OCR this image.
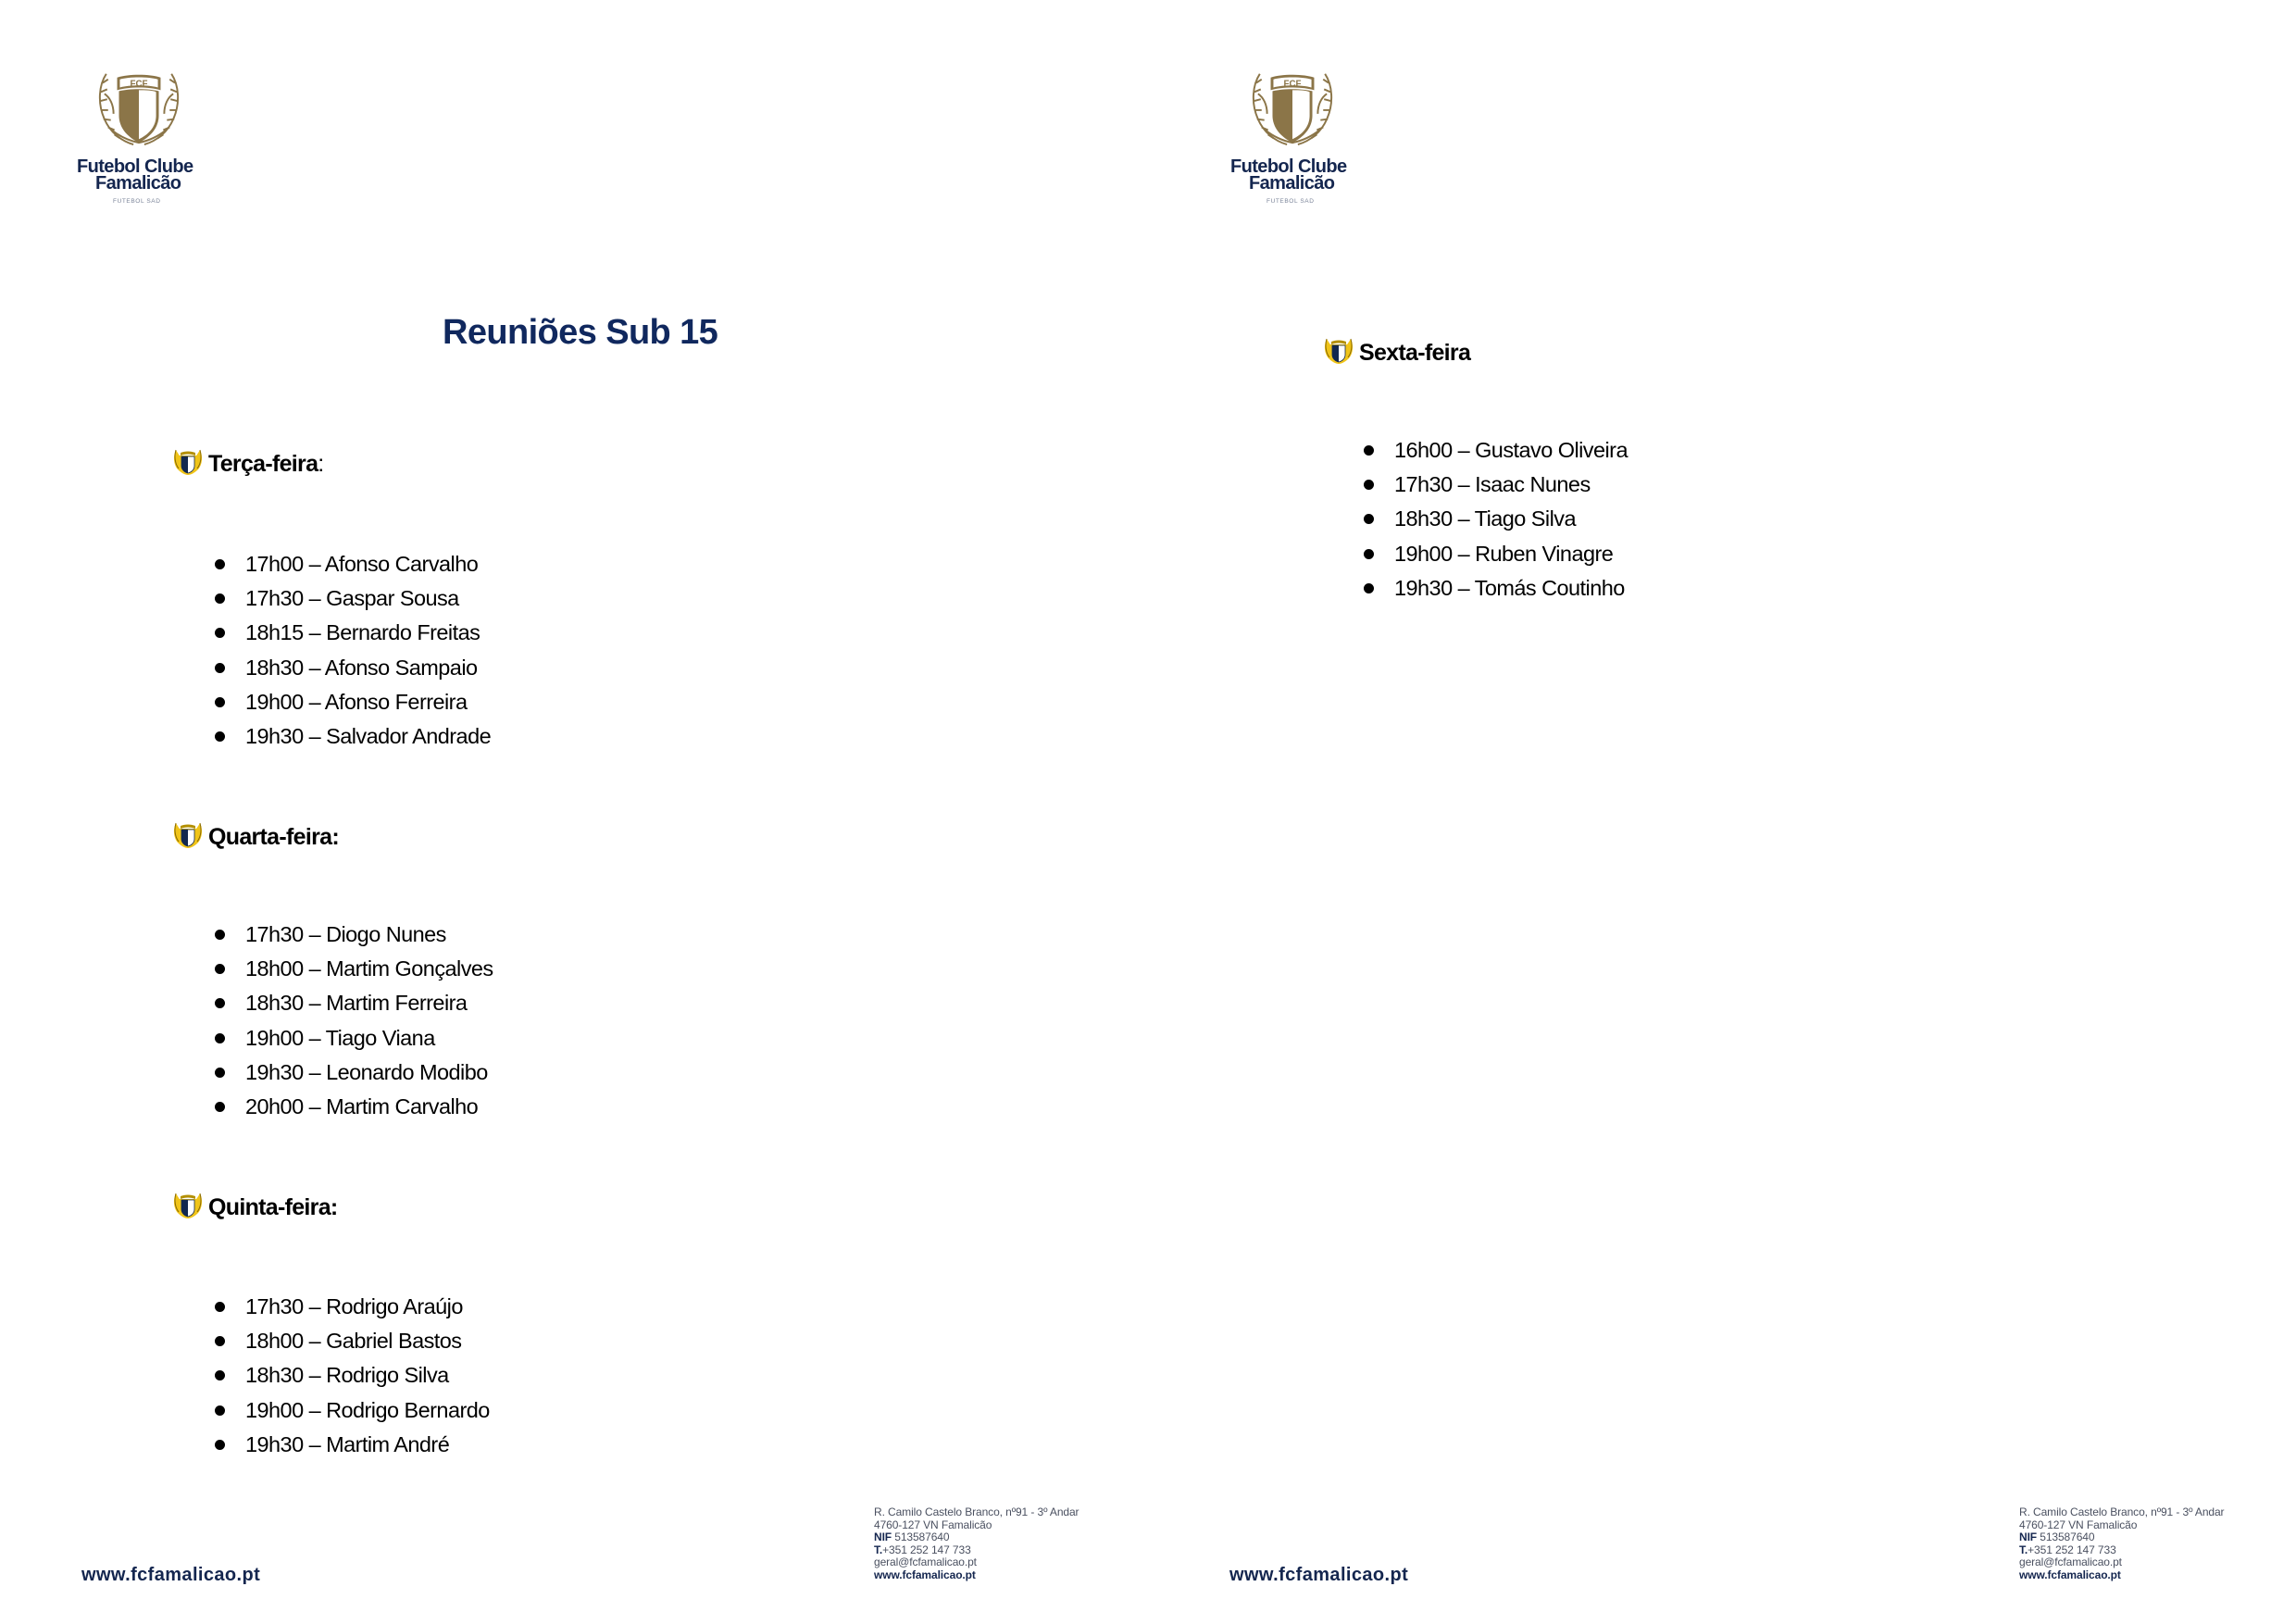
Futebol Clube
Famalicão
FUTEBOL SAD
Reuniões Sub 15
Terça-feira :
17h00 – Afonso Carvalho
17h30 – Gaspar Sousa
18h15 – Bernardo Freitas
18h30 – Afonso Sampaio
19h00 – Afonso Ferreira
19h30 – Salvador Andrade
Quarta-feira :
17h30 – Diogo Nunes
18h00 – Martim Gonçalves
18h30 – Martim Ferreira
19h00 – Tiago Viana
19h30 – Leonardo Modibo
20h00 – Martim Carvalho
Quinta-feira :
17h30 – Rodrigo Araújo
18h00 – Gabriel Bastos
18h30 – Rodrigo Silva
19h00 – Rodrigo Bernardo
19h30 – Martim André
www.fcfamalicao.pt
R. Camilo Castelo Branco, nº91 - 3º Andar
4760-127 VN Famalicão
NIF 513587640
T.+351 252 147 733
geral@fcfamalicao.pt
www.fcfamalicao.pt
Futebol Clube
Famalicão
FUTEBOL SAD
Sexta-feira
16h00 – Gustavo Oliveira
17h30 – Isaac Nunes
18h30 – Tiago Silva
19h00 – Ruben Vinagre
19h30 – Tomás Coutinho
www.fcfamalicao.pt
R. Camilo Castelo Branco, nº91 - 3º Andar
4760-127 VN Famalicão
NIF 513587640
T.+351 252 147 733
geral@fcfamalicao.pt
www.fcfamalicao.pt
